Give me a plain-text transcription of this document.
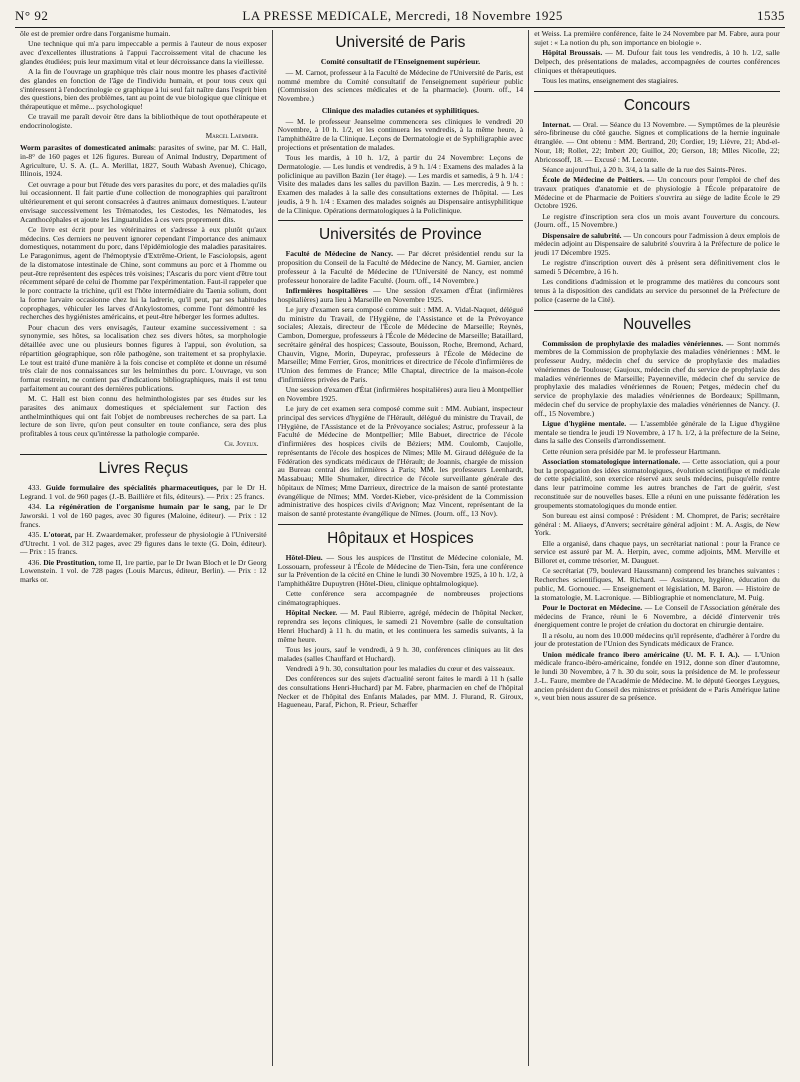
N° 92	LA PRESSE MEDICALE, Mercredi, 18 Novembre 1925	1535

ôle est de premier ordre dans l'organisme humain.

Une technique qui m'a paru impeccable a permis à l'auteur de nous exposer avec d'excellentes illustrations à l'appui l'accroissement vital de chacune les glandes étudiées; puis leur maximum vital et leur décroissance dans la vieillesse.

A la fin de l'ouvrage un graphique très clair nous montre les phases d'activité des glandes en fonction de l'âge de l'individu humain, et pour tous ceux qui s'intéressent à l'endocrinologie ce graphique à lui seul fait naître dans l'esprit bien des questions, bien des problèmes, tant au point de vue biologique que clinique et thérapeutique et même... psychologique!

Ce travail me paraît devoir être dans la bibliothèque de tout opothérapeute et endocrinologiste.

Marcel Laemmer.

Worm parasites of domesticated animals: parasites of swine, par M. C. Hall, in-8° de 160 pages et 126 figures. Bureau of Animal Industry, Department of Agriculture, U. S. A. (L. A. Merillat, 1827, South Wabash Avenue), Chicago, Illinois, 1924.

Cet ouvrage a pour but l'étude des vers parasites du porc, et des maladies qu'ils lui occasionnent. Il fait partie d'une collection de monographies qui paraîtront ultérieurement et qui seront consacrées à d'autres animaux domestiques. L'auteur envisage successivement les Trématodes, les Cestodes, les Nématodes, les Acanthocéphales et ajoute les Linguatulides à ces vers proprement dits.

Ce livre est écrit pour les vétérinaires et s'adresse à eux plutôt qu'aux médecins. Ces derniers ne peuvent ignorer cependant l'importance des animaux domestiques, notamment du porc, dans l'épidémiologie des maladies parasitaires. Le Paragonimus, agent de l'hémoptysie d'Extrême-Orient, le Fasciolopsis, agent de la distomatose intestinale de Chine, sont communs au porc et à l'homme ou peut-être représentent des espèces très voisines; l'Ascaris du porc vient d'être tout récemment séparé de celui de l'homme par l'expérimentation. Faut-il rappeler que le porc contracte la trichine, qu'il est l'hôte intermédiaire du Taenia solium, dont la forme larvaire occasionne chez lui la ladrerie, qu'il peut, par ses habitudes coprophages, véhiculer les larves d'Ankylostomes, comme l'ont démontré les recherches des hygiénistes américains, et peut-être héberger les formes adultes.

Pour chacun des vers envisagés, l'auteur examine successivement : sa synonymie, ses hôtes, sa localisation chez ses divers hôtes, sa morphologie détaillée avec une ou plusieurs bonnes figures à l'appui, son évolution, sa répartition géographique, son rôle pathogène, son traitement et sa prophylaxie. Le tout est traité d'une manière à la fois concise et complète et donne un résumé très clair de nos connaissances sur les helminthes du porc. L'ouvrage, vu son format restreint, ne contient pas d'indications bibliographiques, mais il est tenu parfaitement au courant des dernières publications.

M. C. Hall est bien connu des helminthologistes par ses études sur les parasites des animaux domestiques et spécialement sur l'action des anthelminthiques qui ont fait l'objet de nombreuses recherches de sa part. La lecture de son livre, qu'on peut consulter en toute confiance, sera des plus profitables à tous ceux qu'intéresse la pathologie comparée.

Ch. Joyeux.
Livres Reçus

433. Guide formulaire des spécialités pharmaceutiques, par le Dr H. Legrand. 1 vol. de 960 pages (J.-B. Baillière et fils, éditeurs). — Prix : 25 francs.

434. La régénération de l'organisme humain par le sang, par le Dr Jaworski. 1 vol de 160 pages, avec 30 figures (Maloine, éditeur). — Prix : 12 francs.

435. L'otorat, par H. Zwaardemaker, professeur de physiologie à l'Université d'Utrecht. 1 vol. de 312 pages, avec 29 figures dans le texte (G. Doin, éditeur). — Prix : 15 francs.

436. Die Prostitution, tome II, 1re partie, par le Dr Iwan Bloch et le Dr Georg Lowenstein. 1 vol. de 728 pages (Louis Marcus, éditeur, Berlin). — Prix : 12 marks or.

Université de Paris
Comité consultatif de l'Enseignement supérieur.

— M. Carnot, professeur à la Faculté de Médecine de l'Université de Paris, est nommé membre du Comité consultatif de l'enseignement supérieur public (Commission des sciences médicales et de la pharmacie). (Journ. off., 14 Novembre.)

Clinique des maladies cutanées et syphilitiques.

— M. le professeur Jeanselme commencera ses cliniques le vendredi 20 Novembre, à 10 h. 1/2, et les continuera les vendredis, à la même heure, à l'amphithéâtre de la Clinique. Leçons de Dermatologie et de Syphiligraphie avec projections et présentation de malades.

Tous les mardis, à 10 h. 1/2, à partir du 24 Novembre: Leçons de Dermatologie. — Les lundis et vendredis, à 9 h. 1/4 : Examens des malades à la policlinique au pavillon Bazin (1er étage). — Les mardis et samedis, à 9 h. 1/4 : Visite des malades dans les salles du pavillon Bazin. — Les mercredis, à 9 h. : Examen des malades à la salle des consultations externes de l'hôpital. — Les jeudis, à 9 h. 1/4 : Examen des malades soignés au Dispensaire antisyphilitique de la Clinique. Opérations dermatologiques à la Policlinique.

Universités de Province

Faculté de Médecine de Nancy. — Par décret présidentiel rendu sur la proposition du Conseil de la Faculté de Médecine de Nancy, M. Garnier, ancien professeur à la Faculté de Médecine de l'Université de Nancy, est nommé professeur honoraire de ladite Faculté. (Journ. off., 14 Novembre.)

Infirmières hospitalières — Une session d'examen d'État (infirmières hospitalières) aura lieu à Marseille en Novembre 1925.

Le jury d'examen sera composé comme suit : MM. A. Vidal-Naquet, délégué du ministre du Travail, de l'Hygiène, de l'Assistance et de la Prévoyance sociales; Alezais, directeur de l'École de Médecine de Marseille; Reynès, Cambon, Domergue, professeurs à l'École de Médecine de Marseille; Bataillard, secrétaire général des hospices; Cassoute, Bouisson, Roche, Bremond, Achard, Chauvin, Vigne, Morin, Dupeyrac, professeurs à l'École de Médecine de Marseille; Mme Ferrier, Gros, monitrices et directrice de l'école d'infirmières de l'Union des femmes de France; Mlle Chaptal, directrice de la maison-école d'infirmières privées de Paris.

Une session d'examen d'État (infirmières hospitalières) aura lieu à Montpellier en Novembre 1925.

Le jury de cet examen sera composé comme suit : MM. Aubiant, inspecteur principal des services d'hygiène de l'Hérault, délégué du ministre du Travail, de l'Hygiène, de l'Assistance et de la Prévoyance sociales; Astruc, professeur à la Faculté de Médecine de Montpellier; Mlle Babuet, directrice de l'école d'infirmières des hospices civils de Béziers; MM. Coulomb, Caujolle, représentants de l'école des hospices de Nîmes; Mlle M. Giraud déléguée de la Fédération des syndicats médicaux de l'Hérault; de Joannis, chargée de mission au Bureau central des infirmières à Paris; MM. les professeurs Leenhardt, Massabuau; Mlle Shumaker, directrice de l'école surveillante générale des hôpitaux de Nîmes; Mme Darrieux, directrice de la maison de santé protestante évangélique de Nîmes; MM. Vordet-Kieber, vice-président de la Commission administrative des hospices civils d'Avignon; Maz Vincent, représentant de la maison de santé protestante évangélique de Nîmes. (Journ. off., 13 Nov).

Hôpitaux et Hospices

Hôtel-Dieu. — Sous les auspices de l'Institut de Médecine coloniale, M. Lossouarn, professeur à l'École de Médecine de Tien-Tsin, fera une conférence sur la Prévention de la cécité en Chine le lundi 30 Novembre 1925, à 10 h. 1/2, à l'amphithéâtre Dupuytren (Hôtel-Dieu, clinique ophtalmologique).

Cette conférence sera accompagnée de nombreuses projections cinématographiques.

Hôpital Necker. — M. Paul Ribierre, agrégé, médecin de l'hôpital Necker, reprendra ses leçons cliniques, le samedi 21 Novembre (salle de consultation Henri Huchard) à 11 h. du matin, et les continuera les samedis suivants, à la même heure.

Tous les jours, sauf le vendredi, à 9 h. 30, conférences cliniques au lit des malades (salles Chauffard et Huchard).

Vendredi à 9 h. 30, consultation pour les maladies du cœur et des vaisseaux.

Des conférences sur des sujets d'actualité seront faites le mardi à 11 h (salle des consultations Henri-Huchard) par M. Fabre, pharmacien en chef de l'hôpital Necker et de l'hôpital des Enfants Malades, par MM. J. Flurand, R. Giroux, Hagueneau, Paraf, Pichon, R. Prieur, Schæffer

et Weiss. La première conférence, faite le 24 Novembre par M. Fabre, aura pour sujet : « La notion du ph, son importance en biologie ».

Hôpital Broussais. — M. Dufour fait tous les vendredis, à 10 h. 1/2, salle Delpech, des présentations de malades, accompagnées de courtes conférences cliniques et thérapeutiques.

Tous les matins, enseignement des stagiaires.

Concours

Internat. — Oral. — Séance du 13 Novembre. — Symptômes de la pleurésie séro-fibrineuse du côté gauche. Signes et complications de la hernie inguinale étranglée. — Ont obtenu : MM. Bertrand, 20; Cordier, 19; Lièvre, 21; Abd-el-Nour, 18; Rollet, 22; Imbert 20; Guillot, 20; Gerson, 18; Mlles Nicolle, 22; Abricossoff, 18. — Excusé : M. Leconte.

Séance aujourd'hui, à 20 h. 3/4, à la salle de la rue des Saints-Pères.

École de Médecine de Poitiers. — Un concours pour l'emploi de chef des travaux pratiques d'anatomie et de physiologie à l'École préparatoire de Médecine et de Pharmacie de Poitiers s'ouvrira au siège de ladite École le 29 Octobre 1926.

Le registre d'inscription sera clos un mois avant l'ouverture du concours. (Journ. off., 15 Novembre.)

Dispensaire de salubrité. — Un concours pour l'admission à deux emplois de médecin adjoint au Dispensaire de salubrité s'ouvrira à la Préfecture de police le jeudi 17 Décembre 1925.

Le registre d'inscription ouvert dès à présent sera définitivement clos le samedi 5 Décembre, à 16 h.

Les conditions d'admission et le programme des matières du concours sont tenus à la disposition des candidats au service du personnel de la Préfecture de police (caserne de la Cité).

Nouvelles

Commission de prophylaxie des maladies vénériennes. — Sont nommés membres de la Commission de prophylaxie des maladies vénériennes : MM. le professeur Audry, médecin chef du service de prophylaxie des maladies vénériennes de Toulouse; Gaujoux, médecin chef du service de prophylaxie des maladies vénériennes de Marseille; Payenneville, médecin chef du service de prophylaxie des maladies vénériennes de Rouen; Petges, médecin chef du service de prophylaxie des maladies vénériennes de Bordeaux; Spillmann, médecin chef du service de prophylaxie des maladies vénériennes de Nancy. (J. off., 15 Novembre.)

Ligue d'hygiène mentale. — L'assemblée générale de la Ligue d'hygiène mentale se tiendra le jeudi 19 Novembre, à 17 h. 1/2, à la préfecture de la Seine, dans la salle des Conseils d'arrondissement.

Cette réunion sera présidée par M. le professeur Hartmann.

Association stomatologique internationale. — Cette association, qui a pour but la propagation des idées stomatologiques, évolution scientifique et médicale de cette spécialité, son exercice réservé aux seuls médecins, puisqu'elle rentre dans leur patrimoine comme les autres branches de l'art de guérir, s'est reconstituée sur de nouvelles bases. Elle a réuni en une puissante fédération les groupements stomatologiques du monde entier.

Son bureau est ainsi composé : Président : M. Chompret, de Paris; secrétaire général : M. Aliaeys, d'Anvers; secrétaire général adjoint : M. A. Asgis, de New York.

Elle a organisé, dans chaque pays, un secrétariat national : pour la France ce service est assuré par M. A. Herpin, avec, comme adjoints, MM. Merville et Billoret et, comme trésorier, M. Dauguet.

Ce secrétariat (79, boulevard Haussmann) comprend les branches suivantes : Recherches scientifiques, M. Richard. — Assistance, hygiène, éducation du public, M. Gornouec. — Enseignement et législation, M. Baron. — Histoire de la stomatologie, M. Lacronique. — Bibliographie et nomenclature, M. Puig.

Pour le Doctorat en Médecine. — Le Conseil de l'Association générale des médecins de France, réuni le 6 Novembre, a décidé d'intervenir très énergiquement contre le projet de création du doctorat en chirurgie dentaire.

Il a résolu, au nom des 10.000 médecins qu'il représente, d'adhérer à l'ordre du jour de protestation de l'Union des Syndicats médicaux de France.

Union médicale franco ibero américaine (U. M. F. I. A.). — L'Union médicale franco-ibéro-américaine, fondée en 1912, donne son dîner d'automne, le lundi 30 Novembre, à 7 h. 30 du soir, sous la présidence de M. le professeur J.-L. Faure, membre de l'Académie de Médecine. M. le député Georges Leygues, ancien président du Conseil des ministres et président de « Paris Amérique latine », veut bien nous assurer de sa présence.
